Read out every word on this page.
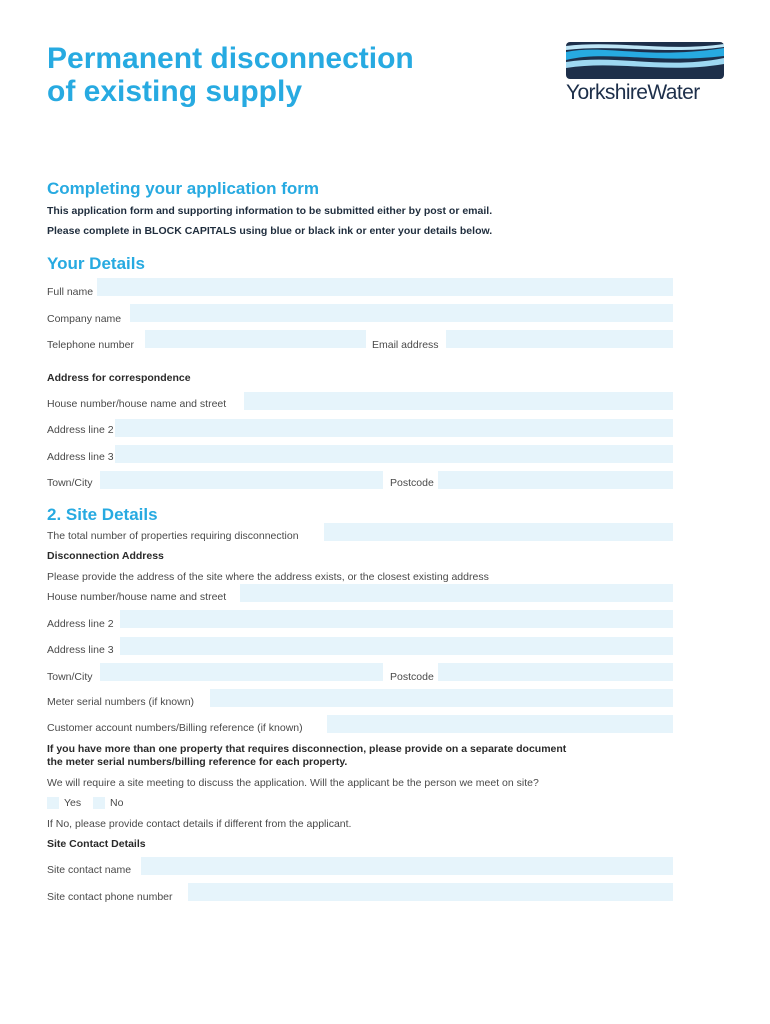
Permanent disconnection
of existing supply	YorkshireWater
Completing your application form
This application form and supporting information to be submitted either by post or email.
Please complete in BLOCK CAPITALS using blue or black ink or enter your details below.
Your Details
Full name
Company name
Telephone number	Email address
Address for correspondence
House number/house name and street
Address line 2
Address line 3
Town/City	Postcode
2. Site Details
The total number of properties requiring disconnection
Disconnection Address
Please provide the address of the site where the address exists, or the closest existing address
House number/house name and street
Address line 2
Address line 3
Town/City	Postcode
Meter serial numbers (if known)
Customer account numbers/Billing reference (if known)
If you have more than one property that requires disconnection, please provide on a separate document
the meter serial numbers/billing reference for each property.
We will require a site meeting to discuss the application. Will the applicant be the person we meet on site?
Yes	No
If No, please provide contact details if different from the applicant.
Site Contact Details
Site contact name
Site contact phone number
